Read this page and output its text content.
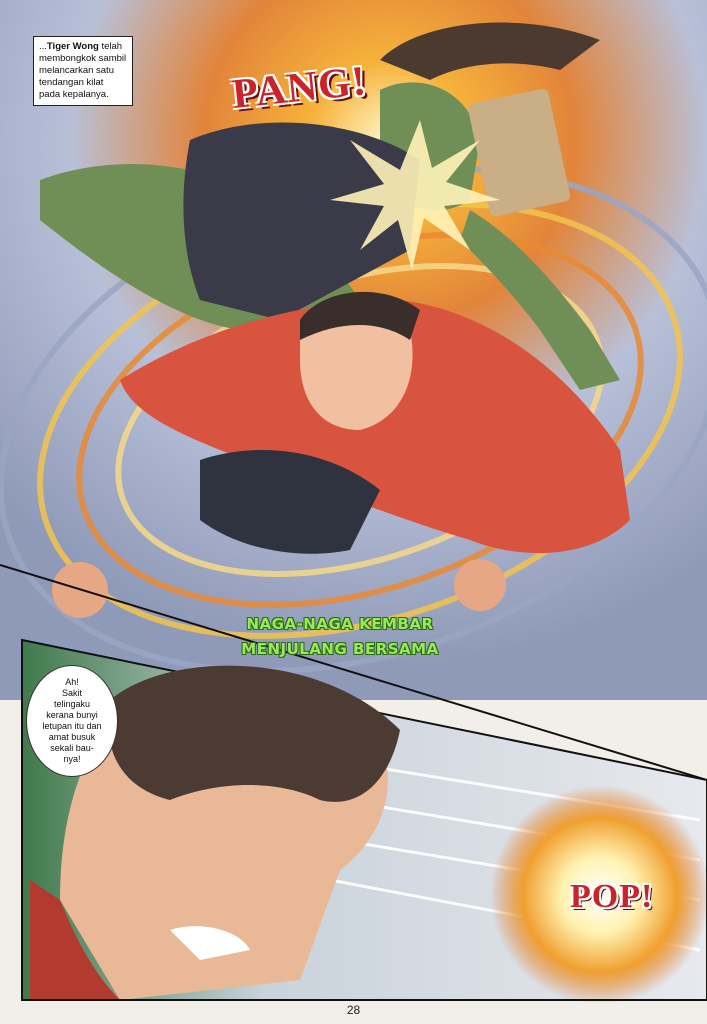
...Tiger Wong telah membongkok sambil melancarkan satu tendangan kilat pada kepalanya.	PANG!
NAGA-NAGA KEMBAR
MENJULANG BERSAMA
Ah!
Sakit
telingaku
kerana bunyi
letupan itu dan
amat busuk
sekali bau-
nya!
POP!
28
